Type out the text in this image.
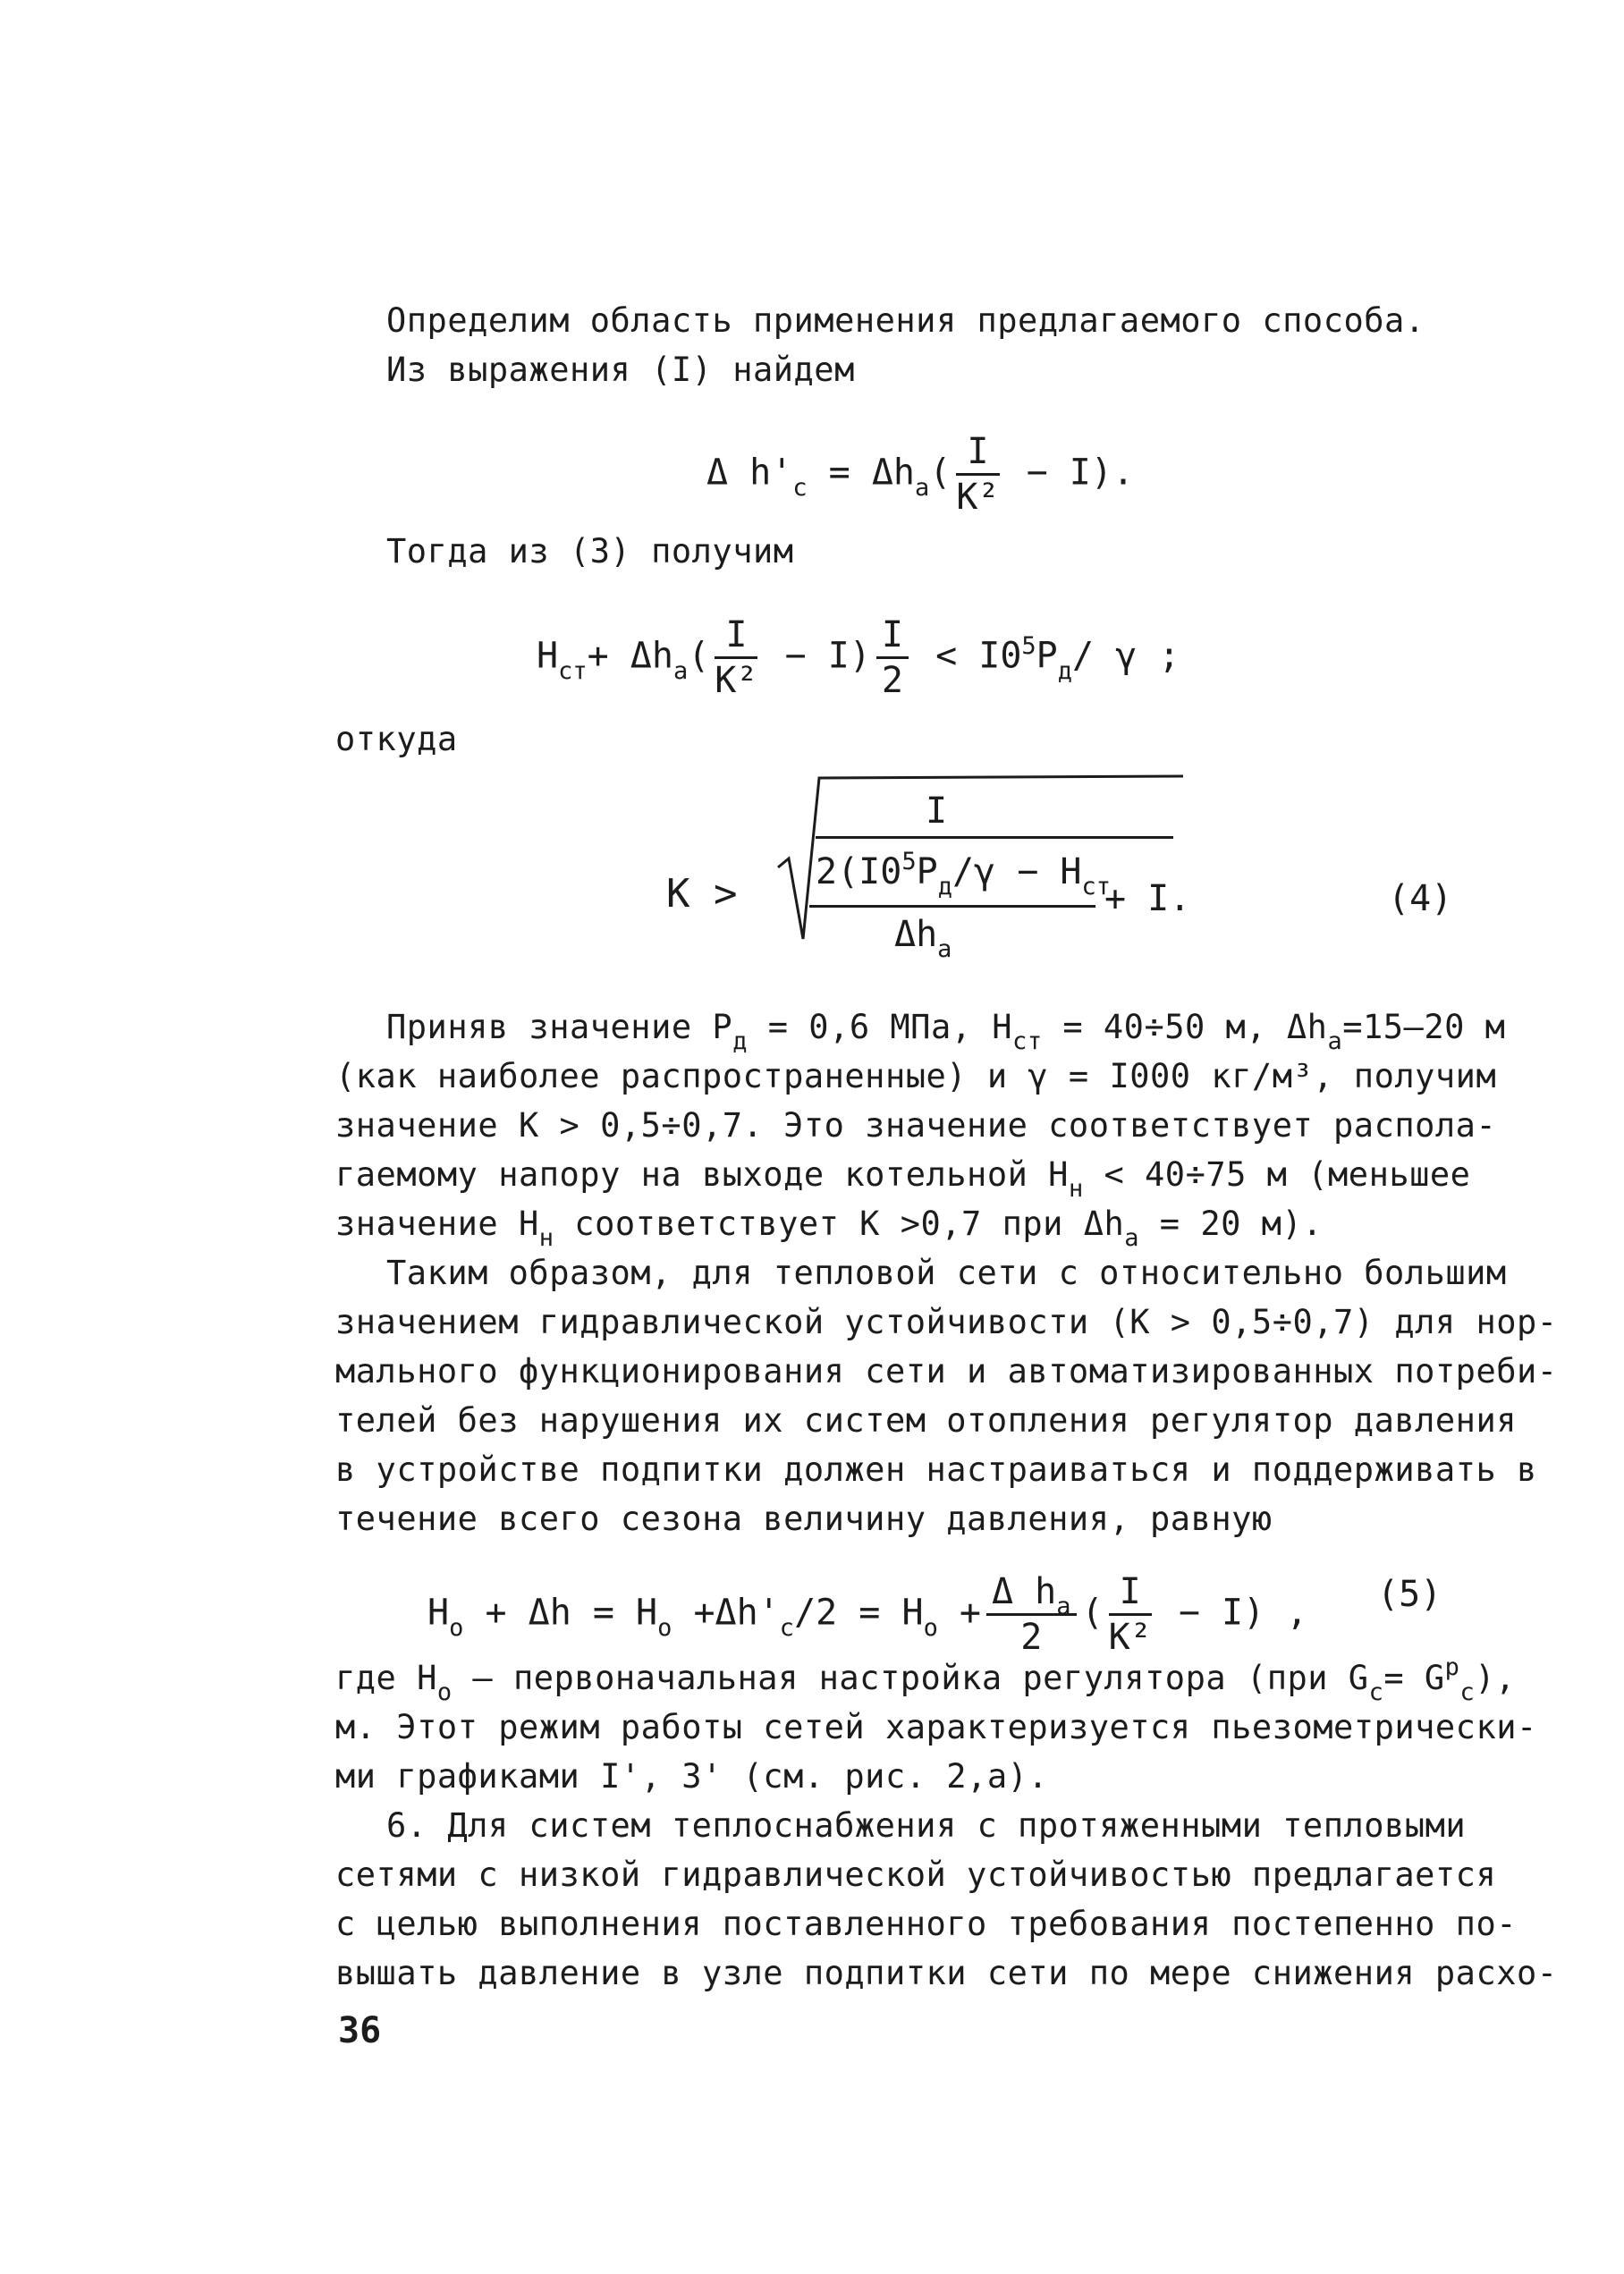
Определим область применения предлагаемого способа.
Из выражения (I) найдем
Δ $h'_c = \Delta h_a( \frac{I}{\text{K²}} - I)$.
Тогда из (3) получим
$H_{ст}+ \Delta h_a( \frac{I}{\text{K²}} - I) \frac{I}{2} < I0^5P_д/$ γ ;
откуда
K >
I
$2(I0^5P_д/\gamma - H_{ст}$
$\Delta h_a$
+ I.	(4)
Приняв значение $P_д = 0,6$ МПа, $H_{ст} = 40\div 50$ м, $\Delta h_a=15-20$ м
(как наиболее распространенные) и γ = I000 кг/м³, получим
значение K > 0,5÷0,7. Это значение соответствует распола-
гаемому напору на выходе котельной $H_н < 40\div 75$ м (меньшее
значение $H_н$ соответствует K >0,7 при $\Delta h_a = 20$ м).
Таким образом, для тепловой сети с относительно большим
значением гидравлической устойчивости (K > 0,5÷0,7) для нор-
мального функционирования сети и автоматизированных потреби-
телей без нарушения их систем отопления регулятор давления
в устройстве подпитки должен настраиваться и поддерживать в
течение всего сезона величину давления, равную
$H_o + \Delta h = H_o +\Delta h'_c/2 = H_o + \frac{\Delta h_a}{2}$ ( $\frac{I}{\text{K²}} - I$) , (5)
где $H_o$ – первоначальная настройка регулятора (при $G_c= G^p_c$),
м. Этот режим работы сетей характеризуется пьезометрически-
ми графиками I', 3' (см. рис. 2,а).
6. Для систем теплоснабжения с протяженными тепловыми
сетями с низкой гидравлической устойчивостью предлагается
с целью выполнения поставленного требования постепенно по-
вышать давление в узле подпитки сети по мере снижения расхо-
36
